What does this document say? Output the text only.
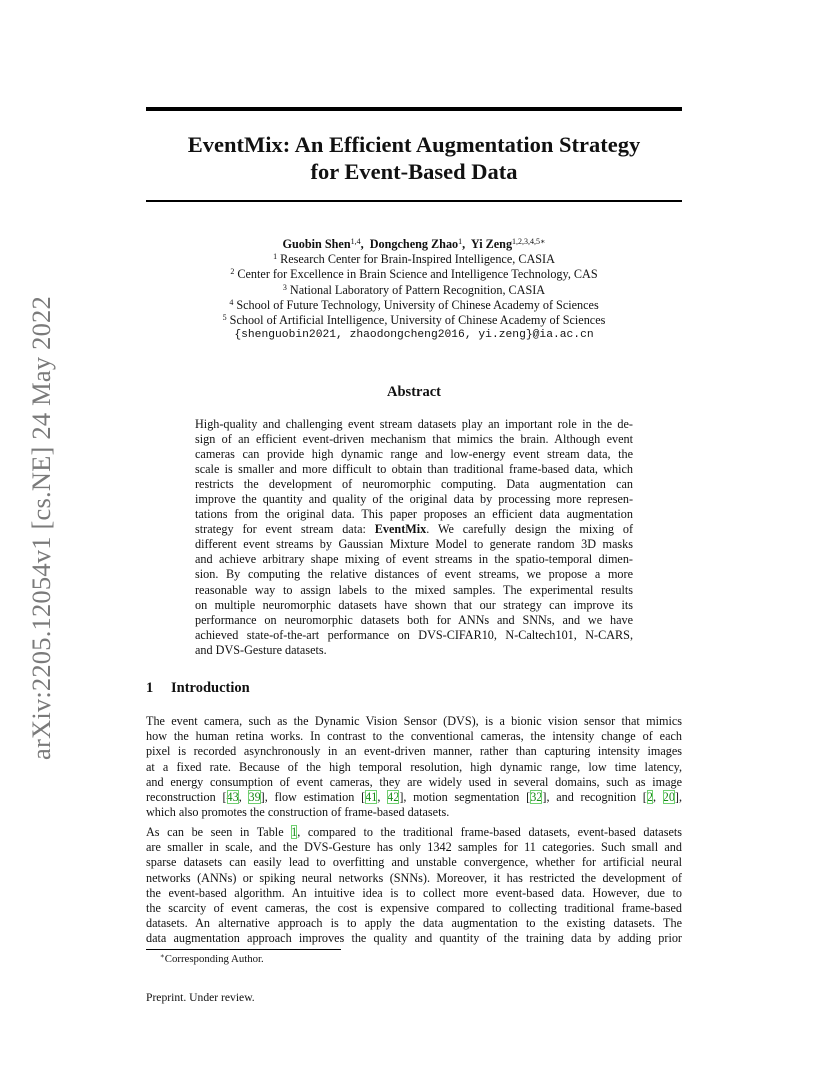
arXiv:2205.12054v1 [cs.NE] 24 May 2022
EventMix: An Efficient Augmentation Strategy
for Event-Based Data
Guobin Shen$^{1,4}$,  Dongcheng Zhao$^1$,  Yi Zeng$^{1,2,3,4,5∗}$
$^1$ Research Center for Brain-Inspired Intelligence, CASIA
$^2$ Center for Excellence in Brain Science and Intelligence Technology, CAS
$^3$ National Laboratory of Pattern Recognition, CASIA
$^4$ School of Future Technology, University of Chinese Academy of Sciences
$^5$ School of Artificial Intelligence, University of Chinese Academy of Sciences
{shenguobin2021, zhaodongcheng2016, yi.zeng}@ia.ac.cn
Abstract
High-quality and challenging event stream datasets play an important role in the de-
sign of an efficient event-driven mechanism that mimics the brain. Although event
cameras can provide high dynamic range and low-energy event stream data, the
scale is smaller and more difficult to obtain than traditional frame-based data, which
restricts the development of neuromorphic computing. Data augmentation can
improve the quantity and quality of the original data by processing more represen-
tations from the original data. This paper proposes an efficient data augmentation
strategy for event stream data: EventMix. We carefully design the mixing of
different event streams by Gaussian Mixture Model to generate random 3D masks
and achieve arbitrary shape mixing of event streams in the spatio-temporal dimen-
sion. By computing the relative distances of event streams, we propose a more
reasonable way to assign labels to the mixed samples. The experimental results
on multiple neuromorphic datasets have shown that our strategy can improve its
performance on neuromorphic datasets both for ANNs and SNNs, and we have
achieved state-of-the-art performance on DVS-CIFAR10, N-Caltech101, N-CARS,
and DVS-Gesture datasets.
1 Introduction
The event camera, such as the Dynamic Vision Sensor (DVS), is a bionic vision sensor that mimics
how the human retina works. In contrast to the conventional cameras, the intensity change of each
pixel is recorded asynchronously in an event-driven manner, rather than capturing intensity images
at a fixed rate. Because of the high temporal resolution, high dynamic range, low time latency,
and energy consumption of event cameras, they are widely used in several domains, such as image
reconstruction [43, 39], flow estimation [41, 42], motion segmentation [32], and recognition [2, 20],
which also promotes the construction of frame-based datasets.
As can be seen in Table 1, compared to the traditional frame-based datasets, event-based datasets
are smaller in scale, and the DVS-Gesture has only 1342 samples for 11 categories. Such small and
sparse datasets can easily lead to overfitting and unstable convergence, whether for artificial neural
networks (ANNs) or spiking neural networks (SNNs). Moreover, it has restricted the development of
the event-based algorithm. An intuitive idea is to collect more event-based data. However, due to
the scarcity of event cameras, the cost is expensive compared to collecting traditional frame-based
datasets. An alternative approach is to apply the data augmentation to the existing datasets. The
data augmentation approach improves the quality and quantity of the training data by adding prior
∗Corresponding Author.
Preprint. Under review.
